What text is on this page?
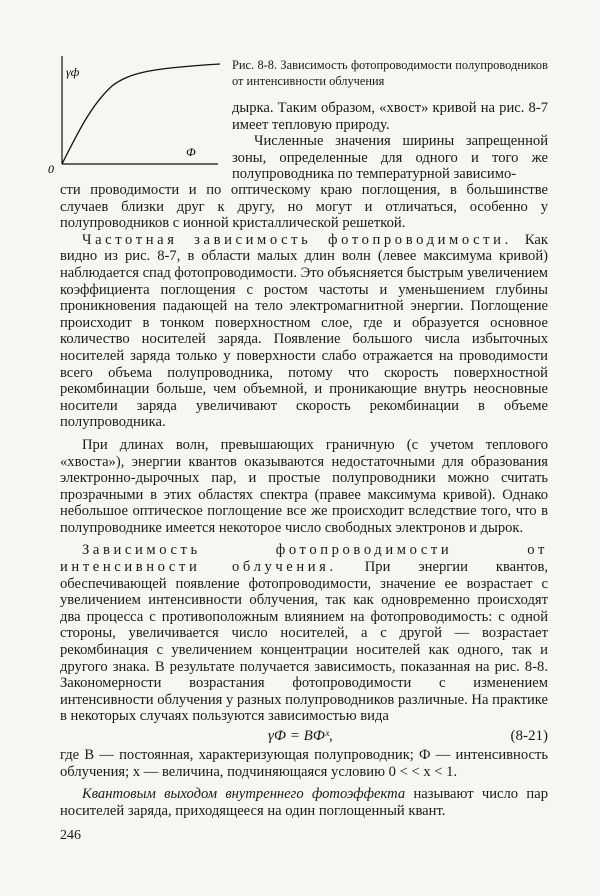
γф
Ф
0
Рис. 8-8. Зависимость фотопроводимости полупроводников от интенсивности облучения

дырка. Таким образом, «хвост» кривой на рис. 8-7 имеет тепловую природу.

Численные значения ширины запрещенной зоны, определенные для одного и того же полупроводника по температурной зависимо-

сти проводимости и по оптическому краю поглощения, в большинстве случаев близки друг к другу, но могут и отличаться, особенно у полупроводников с ионной кристаллической решеткой.

Частотная зависимость фотопроводимости. Как видно из рис. 8-7, в области малых длин волн (левее максимума кривой) наблюдается спад фотопроводимости. Это объясняется быстрым увеличением коэффициента поглощения с ростом частоты и уменьшением глубины проникновения падающей на тело электромагнитной энергии. Поглощение происходит в тонком поверхностном слое, где и образуется основное количество носителей заряда. Появление большого числа избыточных носителей заряда только у поверхности слабо отражается на проводимости всего объема полупроводника, потому что скорость поверхностной рекомбинации больше, чем объемной, и проникающие внутрь неосновные носители заряда увеличивают скорость рекомбинации в объеме полупроводника.

При длинах волн, превышающих граничную (с учетом теплового «хвоста»), энергии квантов оказываются недостаточными для образования электронно-дырочных пар, и простые полупроводники можно считать прозрачными в этих областях спектра (правее максимума кривой). Однако небольшое оптическое поглощение все же происходит вследствие того, что в полупроводнике имеется некоторое число свободных электронов и дырок.

Зависимость фотопроводимости от интенсивности облучения. При энергии квантов, обеспечивающей появление фотопроводимости, значение ее возрастает с увеличением интенсивности облучения, так как одновременно происходят два процесса с противоположным влиянием на фотопроводимость: с одной стороны, увеличивается число носителей, а с другой — возрастает рекомбинация с увеличением концентрации носителей как одного, так и другого знака. В результате получается зависимость, показанная на рис. 8-8. Закономерности возрастания фотопроводимости с изменением интенсивности облучения у разных полупроводников различные. На практике в некоторых случаях пользуются зависимостью вида

γФ = BФˣ,	(8-21)

где B — постоянная, характеризующая полупроводник; Ф — интенсивность облучения; x — величина, подчиняющаяся условию 0 < < x < 1.

Квантовым выходом внутреннего фотоэффекта называют число пар носителей заряда, приходящееся на один поглощенный квант.

246
